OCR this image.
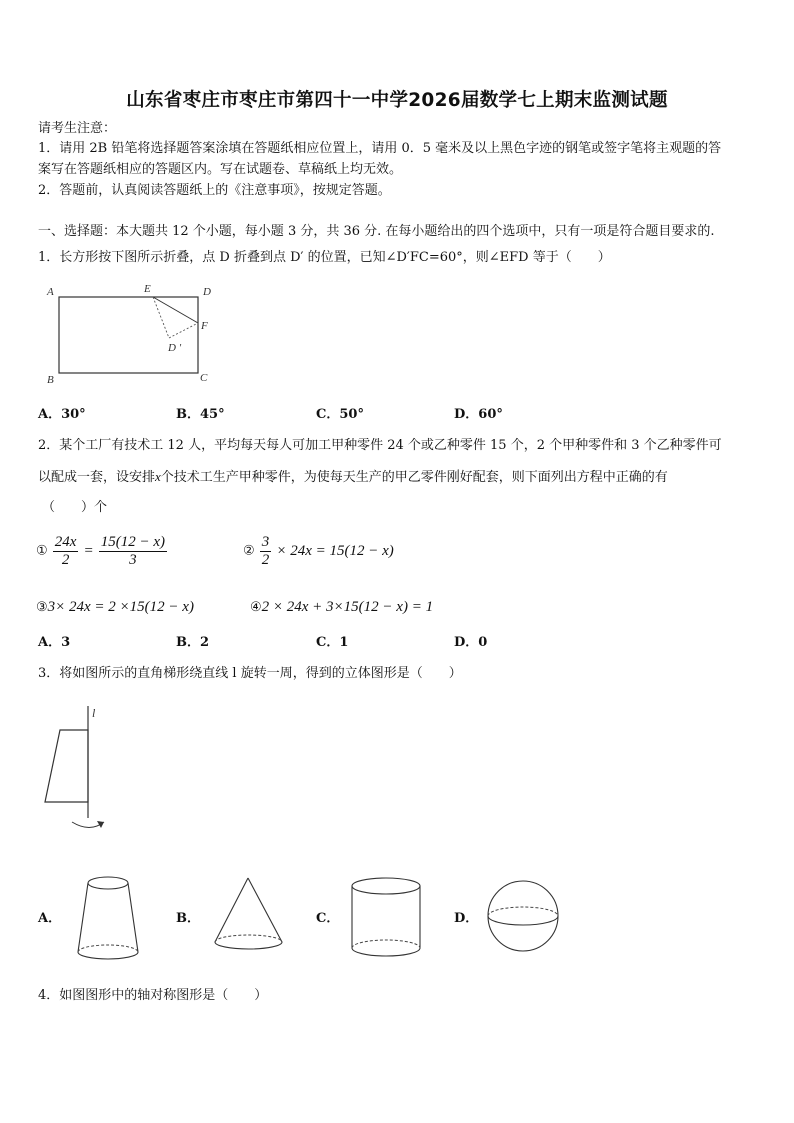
山东省枣庄市枣庄市第四十一中学2026届数学七上期末监测试题
请考生注意：
1．请用 2B 铅笔将选择题答案涂填在答题纸相应位置上，请用 0．5 毫米及以上黑色字迹的钢笔或签字笔将主观题的答
案写在答题纸相应的答题区内。写在试题卷、草稿纸上均无效。
2．答题前，认真阅读答题纸上的《注意事项》，按规定答题。
一、选择题：本大题共 12 个小题，每小题 3 分，共 36 分. 在每小题给出的四个选项中，只有一项是符合题目要求的.
1．长方形按下图所示折叠，点 D 折叠到点 D′ 的位置，已知∠D′FC=60°，则∠EFD 等于（　　）
A	E	D
F
D ′
B	C
A．30°	B．45°	C．50°	D．60°
2．某个工厂有技术工 12 人，平均每天每人可加工甲种零件 24 个或乙种零件 15 个，2 个甲种零件和 3 个乙种零件可
以配成一套，设安排x个技术工生产甲种零件，为使每天生产的甲乙零件刚好配套，则下面列出方程中正确的有
（　　）个
① $\frac{24x}{2} = \frac{15(12 - x)}{3}$	② $\frac{3}{2} \times 24x = 15(12 - x)$
③3× 24x = 2 ×15(12 − x)	④2 × 24x + 3×15(12 − x) = 1
A．3	B．2	C．1	D．0
3．将如图所示的直角梯形绕直线 l 旋转一周，得到的立体图形是（　　）
l
A．	B．	C．	D．
4．如图图形中的轴对称图形是（　　）
